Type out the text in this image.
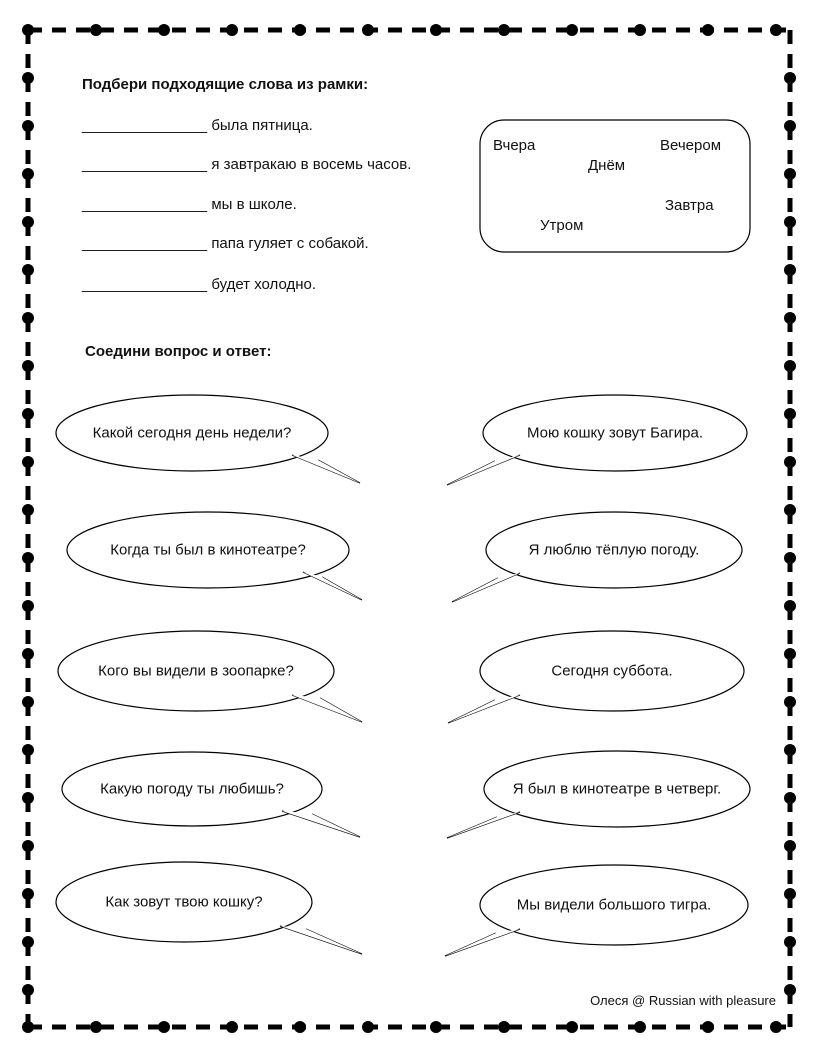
Подбери подходящие слова из рамки:
_______________ была пятница.
_______________ я завтракаю в восемь часов.
_______________ мы в школе.
_______________ папа гуляет с собакой.
_______________ будет холодно.
Вчера	Вечером
Днём
Завтра
Утром
Соедини вопрос и ответ:
Какой сегодня день недели?
Когда ты был в кинотеатре?
Кого вы видели в зоопарке?
Какую погоду ты любишь?
Как зовут твою кошку?
Мою кошку зовут Багира.
Я люблю тёплую погоду.
Сегодня суббота.
Я был в кинотеатре в четверг.
Мы видели большого тигра.
Олеся @ Russian with pleasure
